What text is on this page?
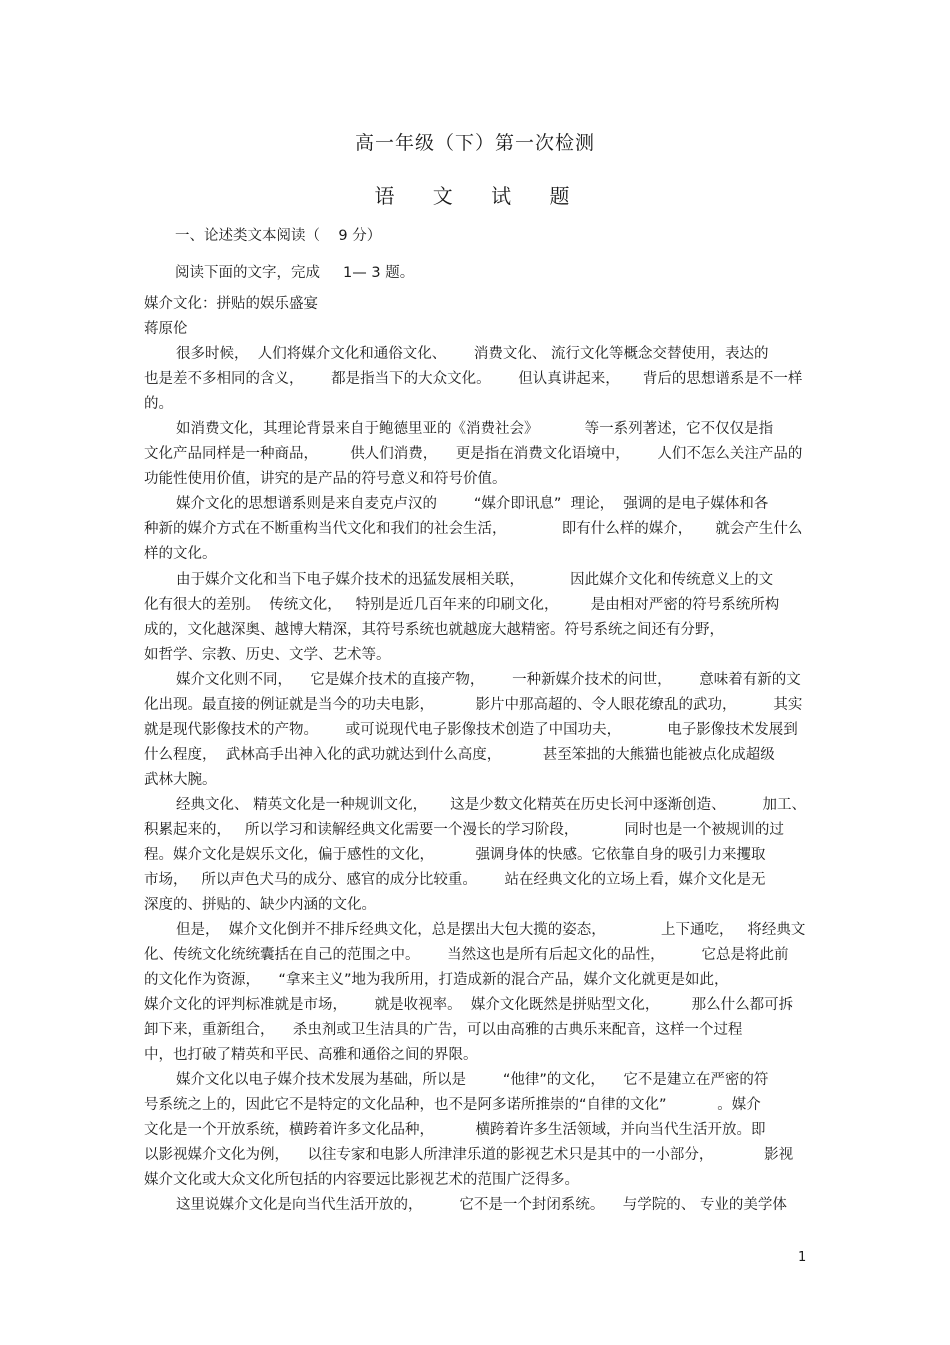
高一年级（下）第一次检测
语 文 试 题
一、论述类文本阅读（    9 分）
阅读下面的文字，完成     1— 3 题。
媒介文化：拼贴的娱乐盛宴
蒋原伦
很多时候，  人们将媒介文化和通俗文化、      消费文化、 流行文化等概念交替使用，表达的
也是差不多相同的含义，      都是指当下的大众文化。      但认真讲起来，     背后的思想谱系是不一样
的。
如消费文化，其理论背景来自于鲍德里亚的《消费社会》          等一系列著述，它不仅仅是指
文化产品同样是一种商品，       供人们消费，    更是指在消费文化语境中，      人们不怎么关注产品的
功能性使用价值，讲究的是产品的符号意义和符号价值。
媒介文化的思想谱系则是来自麦克卢汉的        “媒介即讯息”  理论，  强调的是电子媒体和各
种新的媒介方式在不断重构当代文化和我们的社会生活，            即有什么样的媒介，     就会产生什么
样的文化。
由于媒介文化和当下电子媒介技术的迅猛发展相关联，          因此媒介文化和传统意义上的文
化有很大的差别。  传统文化，   特别是近几百年来的印刷文化，       是由相对严密的符号系统所构
成的，文化越深奥、越博大精深，其符号系统也就越庞大越精密。符号系统之间还有分野，
如哲学、宗教、历史、文学、艺术等。
媒介文化则不同，    它是媒介技术的直接产物，      一种新媒介技术的问世，      意味着有新的文
化出现。最直接的例证就是当今的功夫电影，         影片中那高超的、令人眼花缭乱的武功，        其实
就是现代影像技术的产物。      或可说现代电子影像技术创造了中国功夫，          电子影像技术发展到
什么程度，  武林高手出神入化的武功就达到什么高度，         甚至笨拙的大熊猫也能被点化成超级
武林大腕。
经典文化、 精英文化是一种规训文化，     这是少数文化精英在历史长河中逐渐创造、        加工、
积累起来的，   所以学习和读解经典文化需要一个漫长的学习阶段，          同时也是一个被规训的过
程。媒介文化是娱乐文化，偏于感性的文化，         强调身体的快感。它依靠自身的吸引力来攫取
市场，   所以声色犬马的成分、感官的成分比较重。      站在经典文化的立场上看，媒介文化是无
深度的、拼贴的、缺少内涵的文化。
但是，  媒介文化倒并不排斥经典文化，总是摆出大包大揽的姿态，            上下通吃，   将经典文
化、传统文化统统囊括在自己的范围之中。      当然这也是所有后起文化的品性，        它总是将此前
的文化作为资源，    “拿来主义”地为我所用，打造成新的混合产品，媒介文化就更是如此，
媒介文化的评判标准就是市场，      就是收视率。  媒介文化既然是拼贴型文化，       那么什么都可拆
卸下来，重新组合，    杀虫剂或卫生洁具的广告，可以由高雅的古典乐来配音，这样一个过程
中，也打破了精英和平民、高雅和通俗之间的界限。
媒介文化以电子媒介技术发展为基础，所以是        “他律”的文化，    它不是建立在严密的符
号系统之上的，因此它不是特定的文化品种，也不是阿多诺所推崇的“自律的文化”           。媒介
文化是一个开放系统，横跨着许多文化品种，         横跨着许多生活领域，并向当代生活开放。即
以影视媒介文化为例，    以往专家和电影人所津津乐道的影视艺术只是其中的一小部分，           影视
媒介文化或大众文化所包括的内容要远比影视艺术的范围广泛得多。
这里说媒介文化是向当代生活开放的，        它不是一个封闭系统。    与学院的、 专业的美学体
1
